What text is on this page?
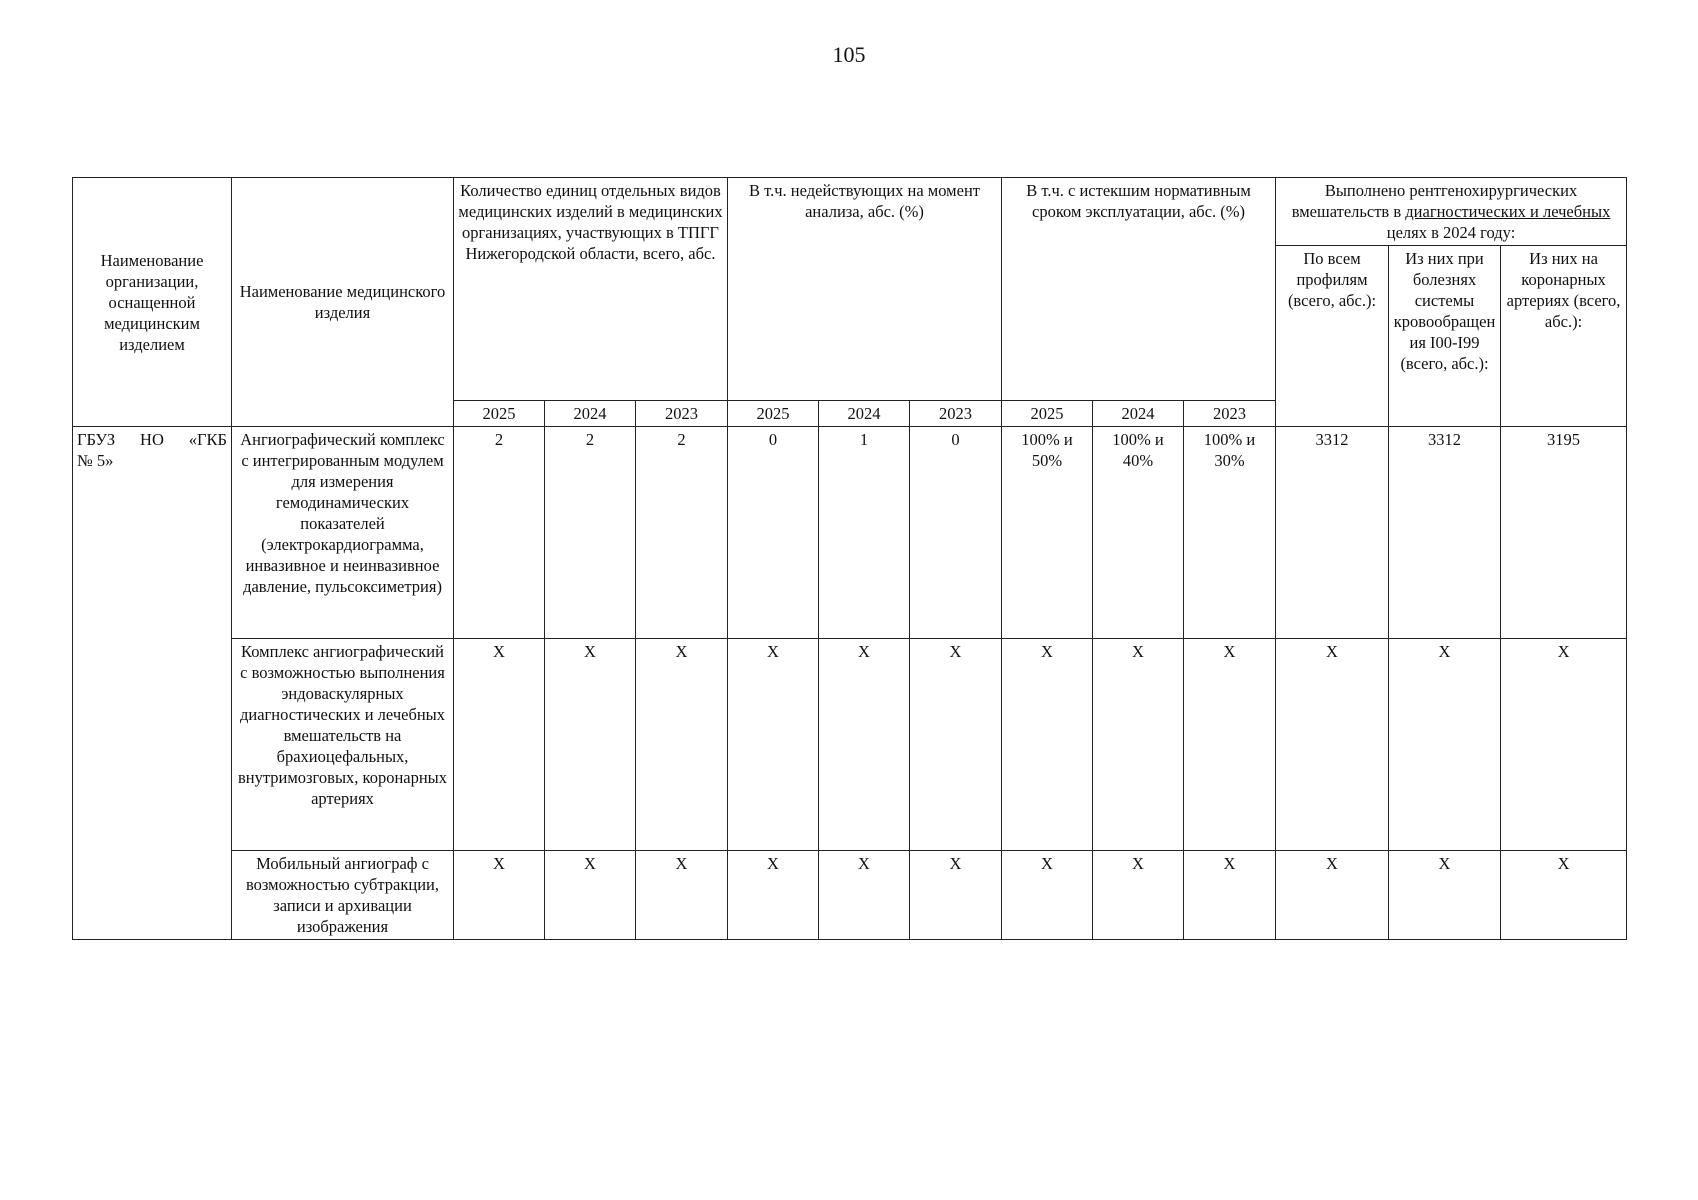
105
Наименование организации, оснащенной медицинским изделием	Наименование медицинского изделия	Количество единиц отдельных видов медицинских изделий в медицинских организациях, участвующих в ТПГГ Нижегородской области, всего, абс.			В т.ч. недействующих на момент анализа, абс. (%)			В т.ч. с истекшим нормативным сроком эксплуатации, абс. (%)			Выполнено рентгенохирургических вмешательств в диагностических и лечебных целях в 2024 году:		
											По всем профилям (всего, абс.):	Из них при болезнях системы кровообращения I00-I99 (всего, абс.):	Из них на коронарных артериях (всего, абс.):
		2025	2024	2023	2025	2024	2023	2025	2024	2023			

ГБУЗ НО «ГКБ
№ 5»	Ангиографический комплекс с интегрированным модулем для измерения гемодинамических показателей (электрокардиограмма, инвазивное и неинвазивное давление, пульсоксиметрия)	2	2	2	0	1	0	100% и 50%	100% и 40%	100% и 30%	3312	3312	3195
	Комплекс ангиографический с возможностью выполнения эндоваскулярных диагностических и лечебных вмешательств на брахиоцефальных, внутримозговых, коронарных артериях	X	X	X	X	X	X	X	X	X	X	X	X
	Мобильный ангиограф с возможностью субтракции, записи и архивации изображения	X	X	X	X	X	X	X	X	X	X	X	X
